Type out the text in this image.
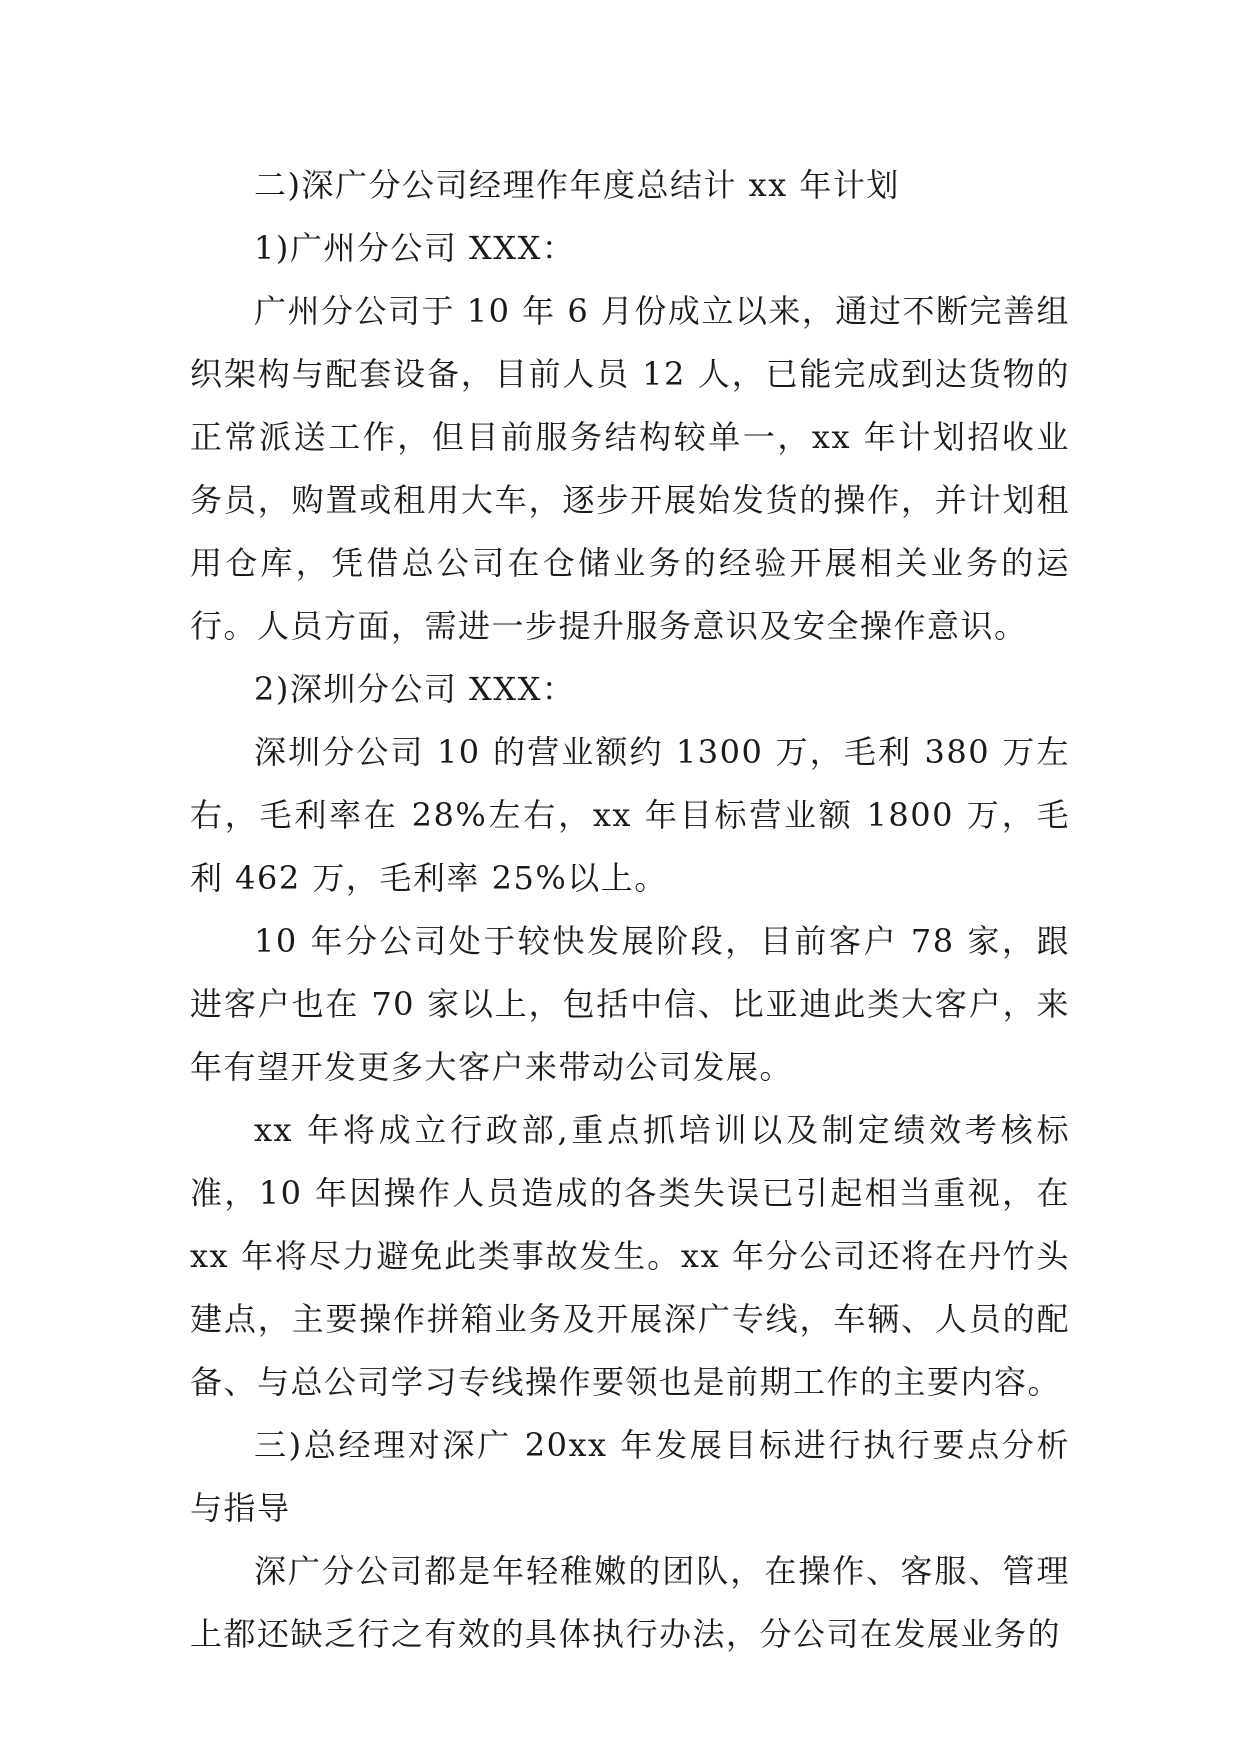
二)深广分公司经理作年度总结计 xx 年计划

1)广州分公司 XXX：

广州分公司于 10 年 6 月份成立以来，通过不断完善组织架构与配套设备，目前人员 12 人，已能完成到达货物的正常派送工作，但目前服务结构较单一，xx 年计划招收业务员，购置或租用大车，逐步开展始发货的操作，并计划租用仓库，凭借总公司在仓储业务的经验开展相关业务的运行。人员方面，需进一步提升服务意识及安全操作意识。

2)深圳分公司 XXX：

深圳分公司 10 的营业额约 1300 万，毛利 380 万左右，毛利率在 28%左右，xx 年目标营业额 1800 万，毛利 462 万，毛利率 25%以上。

10 年分公司处于较快发展阶段，目前客户 78 家，跟进客户也在 70 家以上，包括中信、比亚迪此类大客户，来年有望开发更多大客户来带动公司发展。

xx 年将成立行政部,重点抓培训以及制定绩效考核标准，10 年因操作人员造成的各类失误已引起相当重视，在 xx 年将尽力避免此类事故发生。xx 年分公司还将在丹竹头建点，主要操作拼箱业务及开展深广专线，车辆、人员的配备、与总公司学习专线操作要领也是前期工作的主要内容。

三)总经理对深广 20xx 年发展目标进行执行要点分析与指导

深广分公司都是年轻稚嫩的团队，在操作、客服、管理上都还缺乏行之有效的具体执行办法，分公司在发展业务的
